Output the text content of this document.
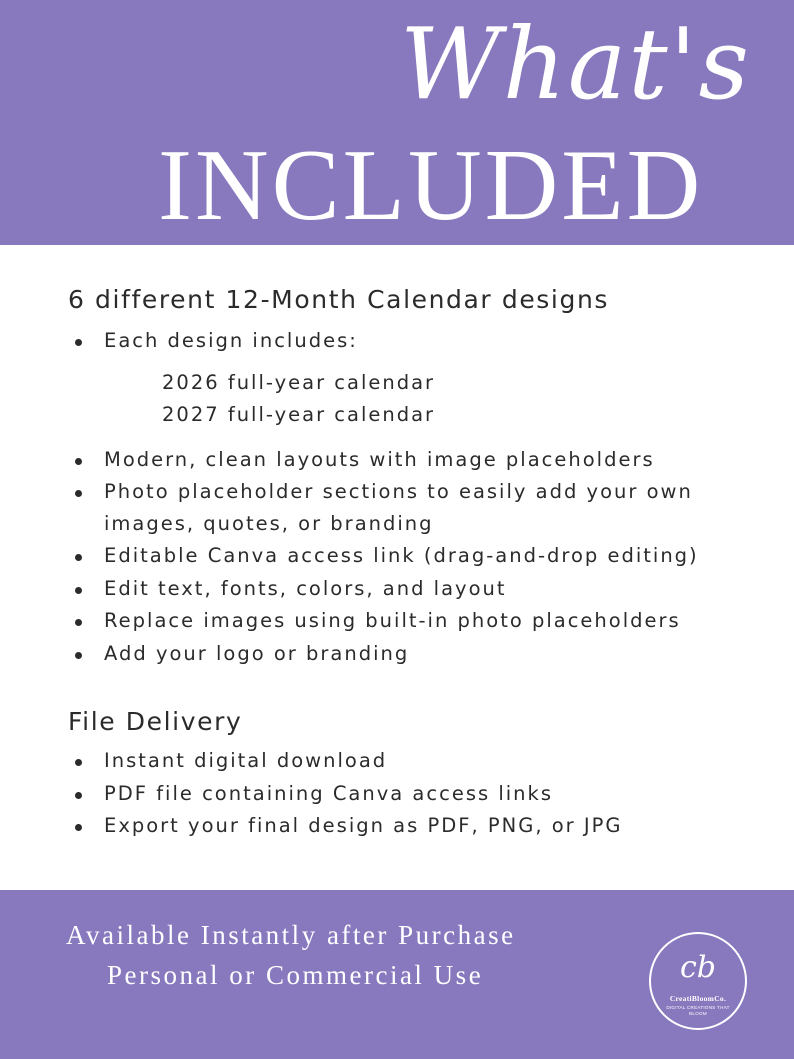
What's
INCLUDED
6 different 12-Month Calendar designs
Each design includes:
2026 full-year calendar
2027 full-year calendar
Modern, clean layouts with image placeholders
Photo placeholder sections to easily add your own
images, quotes, or branding
Editable Canva access link (drag-and-drop editing)
Edit text, fonts, colors, and layout
Replace images using built-in photo placeholders
Add your logo or branding
File Delivery
Instant digital download
PDF file containing Canva access links
Export your final design as PDF, PNG, or JPG
Available Instantly after Purchase
Personal or Commercial Use	cb
CreatiBloomCo.
DIGITAL CREATIONS THAT BLOOM
